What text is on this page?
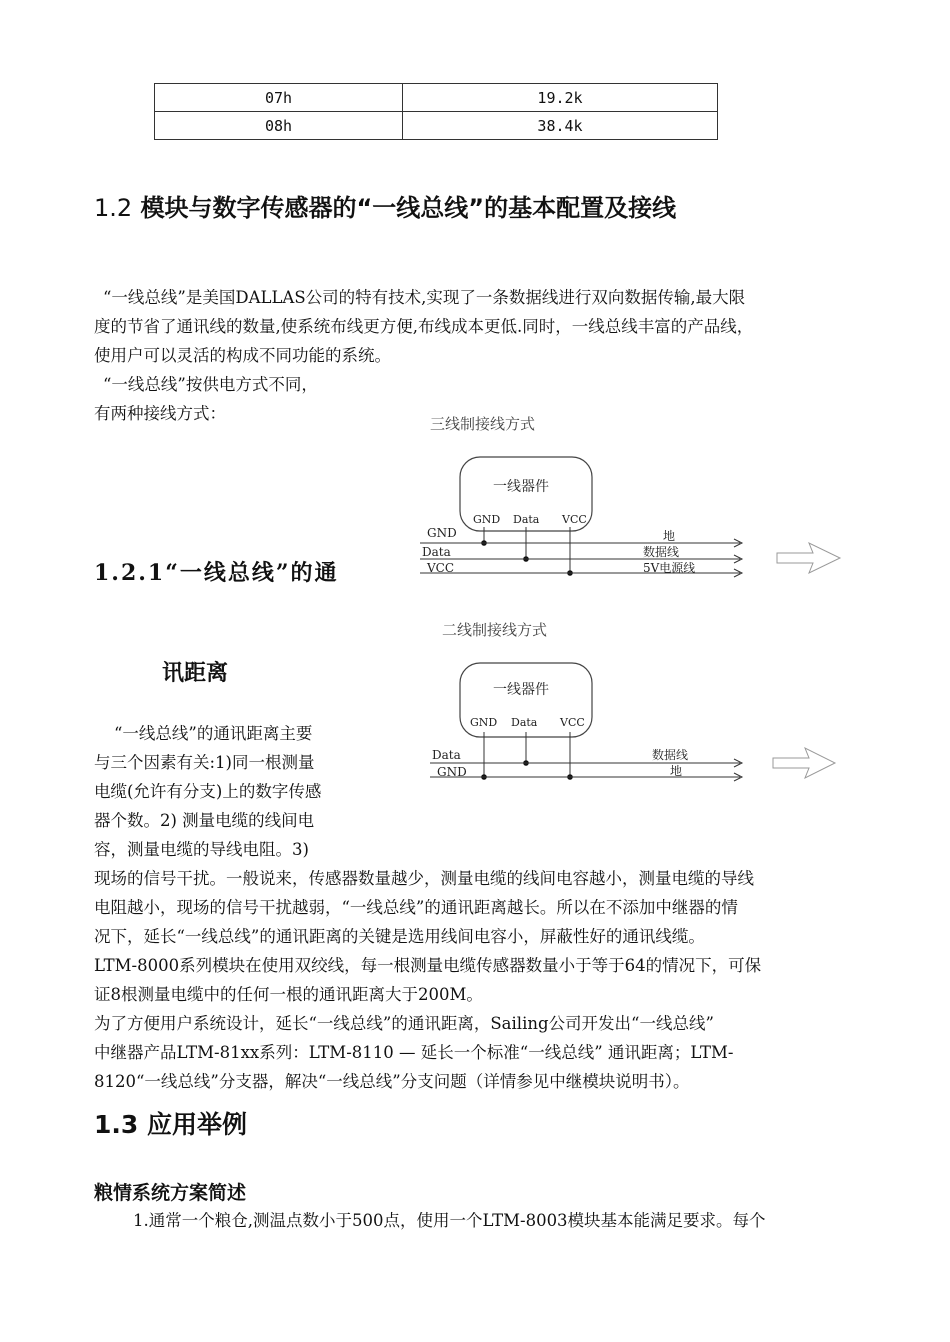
07h	19.2k
08h	38.4k
1.2 模块与数字传感器的“一线总线”的基本配置及接线
“一线总线”是美国DALLAS公司的特有技术,实现了一条数据线进行双向数据传输,最大限
度的节省了通讯线的数量,使系统布线更方便,布线成本更低.同时，一线总线丰富的产品线，
使用户可以灵活的构成不同功能的系统。
“一线总线”按供电方式不同，
有两种接线方式：
三线制接线方式
一线器件
GND Data VCC
GND
Data
VCC
地
数据线
5V电源线
1.2.1“一线总线”的通
讯距离
二线制接线方式
一线器件
GND Data VCC
Data
GND
数据线
地
“一线总线”的通讯距离主要
与三个因素有关:1)同一根测量
电缆(允许有分支)上的数字传感
器个数。2) 测量电缆的线间电
容，测量电缆的导线电阻。3)
现场的信号干扰。一般说来，传感器数量越少，测量电缆的线间电容越小，测量电缆的导线
电阻越小，现场的信号干扰越弱，“一线总线”的通讯距离越长。所以在不添加中继器的情
况下，延长“一线总线”的通讯距离的关键是选用线间电容小，屏蔽性好的通讯线缆。
LTM-8000系列模块在使用双绞线，每一根测量电缆传感器数量小于等于64的情况下，可保
证8根测量电缆中的任何一根的通讯距离大于200M。
为了方便用户系统设计，延长“一线总线”的通讯距离，Sailing公司开发出“一线总线”
中继器产品LTM-81xx系列：LTM-8110 — 延长一个标准“一线总线” 通讯距离；LTM-
8120“一线总线”分支器，解决“一线总线”分支问题（详情参见中继模块说明书）。
1.3 应用举例
粮情系统方案简述
1.通常一个粮仓,测温点数小于500点，使用一个LTM-8003模块基本能满足要求。每个
